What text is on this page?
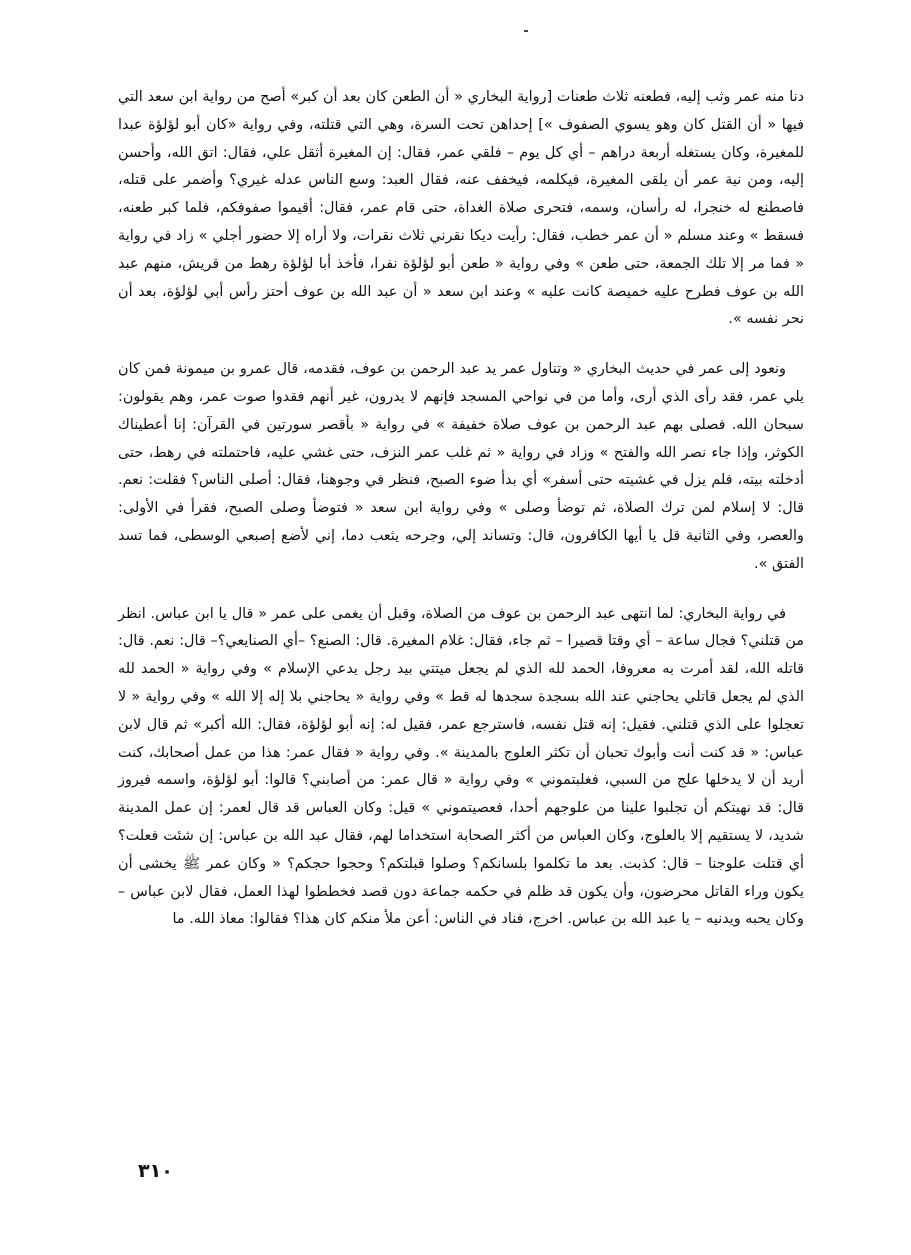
دنا منه عمر وثب إليه، فطعنه ثلاث طعنات [رواية البخاري « أن الطعن كان بعد أن كبر» أصح من رواية ابن سعد التي فيها « أن القتل كان وهو يسوي الصفوف »] إحداهن تحت السرة، وهي التي قتلته، وفي رواية «كان أبو لؤلؤة عبدا للمغيرة، وكان يستغله أربعة دراهم – أي كل يوم – فلقي عمر، فقال: إن المغيرة أثقل علي، فقال: اتق الله، وأحسن إليه، ومن نية عمر أن يلقى المغيرة، فيكلمه، فيخفف عنه، فقال العبد: وسع الناس عدله غيري؟ وأضمر على قتله، فاصطنع له خنجرا، له رأسان، وسمه، فتحرى صلاة الغداة، حتى قام عمر، فقال: أقيموا صفوفكم، فلما كبر طعنه، فسقط » وعند مسلم « أن عمر خطب، فقال: رأيت ديكا نقرني ثلاث نقرات، ولا أراه إلا حضور أجلي » زاد في رواية « فما مر إلا تلك الجمعة، حتى طعن » وفي رواية « طعن أبو لؤلؤة نفرا، فأخذ أبا لؤلؤة رهط من قريش، منهم عبد الله بن عوف فطرح عليه خميصة كانت عليه » وعند ابن سعد « أن عبد الله بن عوف أحتز رأس أبي لؤلؤة، بعد أن نحر نفسه ».

ونعود إلى عمر في حديث البخاري « وتناول عمر يد عبد الرحمن بن عوف، فقدمه، قال عمرو بن ميمونة فمن كان يلي عمر، فقد رأى الذي أرى، وأما من في نواحي المسجد فإنهم لا يدرون، غير أنهم فقدوا صوت عمر، وهم يقولون: سبحان الله. فصلى بهم عبد الرحمن بن عوف صلاة خفيفة » في رواية « بأقصر سورتين في القرآن: إنا أعطيناك الكوثر، وإذا جاء نصر الله والفتح » وزاد في رواية « ثم غلب عمر النزف، حتى غشي عليه، فاحتملته في رهط، حتى أدخلته بيته، فلم يزل في غشيته حتى أسفر» أي بدأ ضوء الصبح، فنظر في وجوهنا، فقال: أصلى الناس؟ فقلت: نعم. قال: لا إسلام لمن ترك الصلاة، ثم توضأ وصلى » وفي رواية ابن سعد « فتوضأ وصلى الصبح، فقرأ في الأولى: والعصر، وفي الثانية قل يا أيها الكافرون، قال: وتساند إلي، وجرحه يثعب دما، إني لأضع إصبعي الوسطى، فما تسد الفتق ».

في رواية البخاري: لما انتهى عبد الرحمن بن عوف من الصلاة، وقبل أن يغمى على عمر « قال يا ابن عباس. انظر من قتلني؟ فجال ساعة – أي وقتا قصيرا – ثم جاء، فقال: غلام المغيرة. قال: الصنع؟ –أي الصنايعي؟– قال: نعم. قال: قاتله الله، لقد أمرت به معروفا، الحمد لله الذي لم يجعل ميتتي بيد رجل يدعي الإسلام » وفي رواية « الحمد لله الذي لم يجعل قاتلي يحاجني عند الله بسجدة سجدها له قط » وفي رواية « يحاجني بلا إله إلا الله » وفي رواية « لا تعجلوا على الذي قتلني. فقيل: إنه قتل نفسه، فاسترجع عمر، فقيل له: إنه أبو لؤلؤة، فقال: الله أكبر» ثم قال لابن عباس: « قد كنت أنت وأبوك تحبان أن تكثر العلوج بالمدينة ». وفي رواية « فقال عمر: هذا من عمل أصحابك، كنت أريد أن لا يدخلها علج من السبي، فغلبتموني » وفي رواية « قال عمر: من أصابني؟ قالوا: أبو لؤلؤة، واسمه فيروز قال: قد نهيتكم أن تجلبوا علينا من علوجهم أحدا، فعصيتموني » قيل: وكان العباس قد قال لعمر: إن عمل المدينة شديد، لا يستقيم إلا بالعلوج، وكان العباس من أكثر الصحابة استخداما لهم، فقال عبد الله بن عباس: إن شئت فعلت؟ أي قتلت علوجنا – قال: كذبت. بعد ما تكلموا بلسانكم؟ وصلوا قبلتكم؟ وحجوا حجكم؟ « وكان عمر ﷺ يخشى أن يكون وراء القاتل محرضون، وأن يكون قد ظلم في حكمه جماعة دون قصد فخططوا لهذا العمل، فقال لابن عباس – وكان يحبه ويدنيه – يا عبد الله بن عباس. اخرج، فناد في الناس: أعن ملأ منكم كان هذا؟ فقالوا: معاذ الله. ما

٣١٠
